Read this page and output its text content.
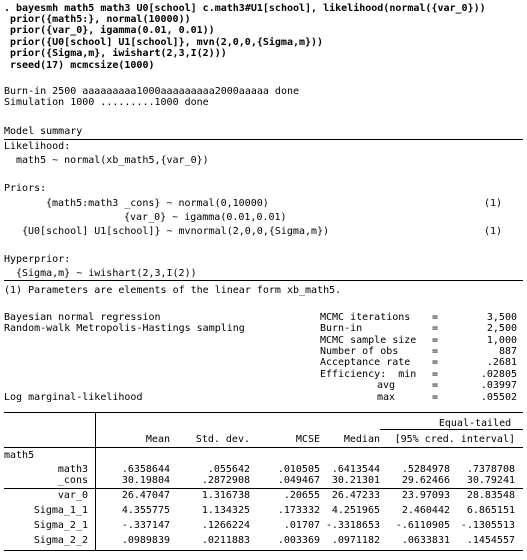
. bayesmh math5 math3 U0[school] c.math3#U1[school], likelihood(normal({var_0}))
prior({math5:}, normal(10000))
prior({var_0}, igamma(0.01, 0.01))
prior({U0[school] U1[school]}, mvn(2,0,0,{Sigma,m}))
prior({Sigma,m}, iwishart(2,3,I(2)))
rseed(17) mcmcsize(1000)
Burn-in 2500 aaaaaaaaa1000aaaaaaaaa2000aaaaa done
Simulation 1000 .........1000 done
Model summary
Likelihood:
math5 ~ normal(xb_math5,{var_0})
Priors:
{math5:math3 _cons} ~ normal(0,10000)	(1)
{var_0} ~ igamma(0.01,0.01)
{U0[school] U1[school]} ~ mvnormal(2,0,0,{Sigma,m})	(1)
Hyperprior:
{Sigma,m} ~ iwishart(2,3,I(2))
(1) Parameters are elements of the linear form xb_math5.
Bayesian normal regression
Random-walk Metropolis-Hastings sampling
Log marginal-likelihood
MCMC iterations =	3,500
Burn-in	=	2,500
MCMC sample size =	1,000
Number of obs	=	887
Acceptance rate =	.2681
Efficiency:  min =	.02805
avg	=	.03997
max	=	.05502
Equal-tailed
Mean	Std. dev.	MCSE	Median	[95% cred. interval]
math5
math3	.6358644	.055642	.010505	.6413544	.5284978	.7378708
_cons	30.19804	.2872908	.049467	30.21301	29.62466	30.79241
var_0	26.47047	1.316738	.20655	26.47233	23.97093	28.83548
Sigma_1_1	4.355775	1.134325	.173332	4.251965	2.460442	6.865151
Sigma_2_1	-.337147	.1266224	.01707 -.3318653	-.6110905	-.1305513
Sigma_2_2	.0989839	.0211883	.003369	.0971182	.0633831	.1454557
